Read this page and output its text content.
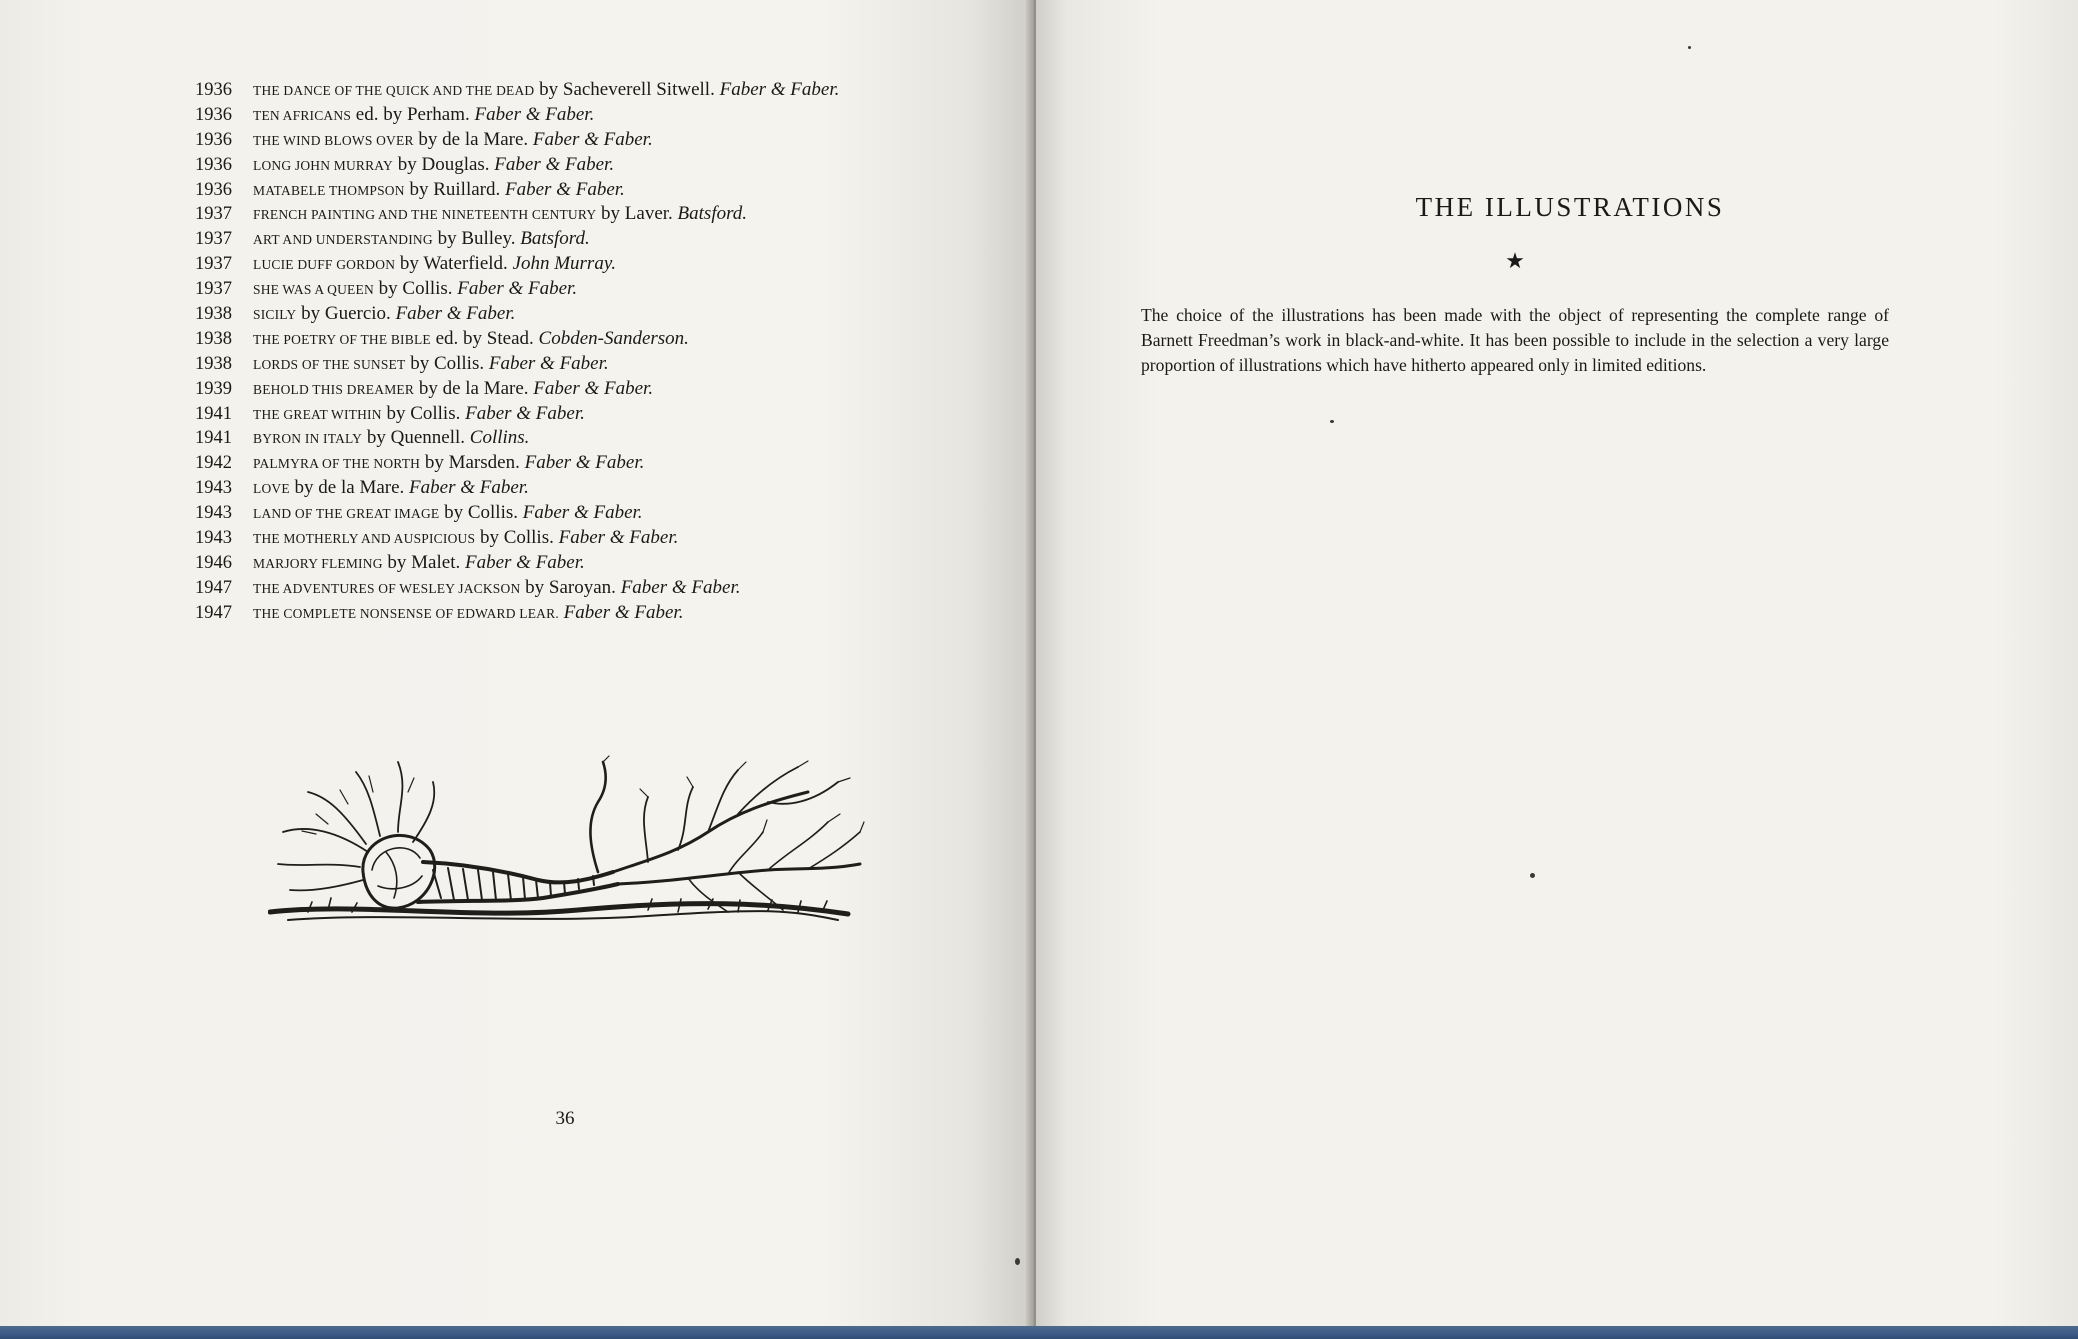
1936 THE DANCE OF THE QUICK AND THE DEAD by Sacheverell Sitwell. Faber & Faber.
1936 TEN AFRICANS ed. by Perham. Faber & Faber.
1936 THE WIND BLOWS OVER by de la Mare. Faber & Faber.
1936 LONG JOHN MURRAY by Douglas. Faber & Faber.
1936 MATABELE THOMPSON by Ruillard. Faber & Faber.
1937 FRENCH PAINTING AND THE NINETEENTH CENTURY by Laver. Batsford.
1937 ART AND UNDERSTANDING by Bulley. Batsford.
1937 LUCIE DUFF GORDON by Waterfield. John Murray.
1937 SHE WAS A QUEEN by Collis. Faber & Faber.
1938 SICILY by Guercio. Faber & Faber.
1938 THE POETRY OF THE BIBLE ed. by Stead. Cobden-Sanderson.
1938 LORDS OF THE SUNSET by Collis. Faber & Faber.
1939 BEHOLD THIS DREAMER by de la Mare. Faber & Faber.
1941 THE GREAT WITHIN by Collis. Faber & Faber.
1941 BYRON IN ITALY by Quennell. Collins.
1942 PALMYRA OF THE NORTH by Marsden. Faber & Faber.
1943 LOVE by de la Mare. Faber & Faber.
1943 LAND OF THE GREAT IMAGE by Collis. Faber & Faber.
1943 THE MOTHERLY AND AUSPICIOUS by Collis. Faber & Faber.
1946 MARJORY FLEMING by Malet. Faber & Faber.
1947 THE ADVENTURES OF WESLEY JACKSON by Saroyan. Faber & Faber.
1947 THE COMPLETE NONSENSE OF EDWARD LEAR. Faber & Faber.
36
THE ILLUSTRATIONS
★

The choice of the illustrations has been made with the object of representing the complete range of Barnett Freedman’s work in black-and-white. It has been possible to include in the selection a very large proportion of illustrations which have hitherto appeared only in limited editions.
